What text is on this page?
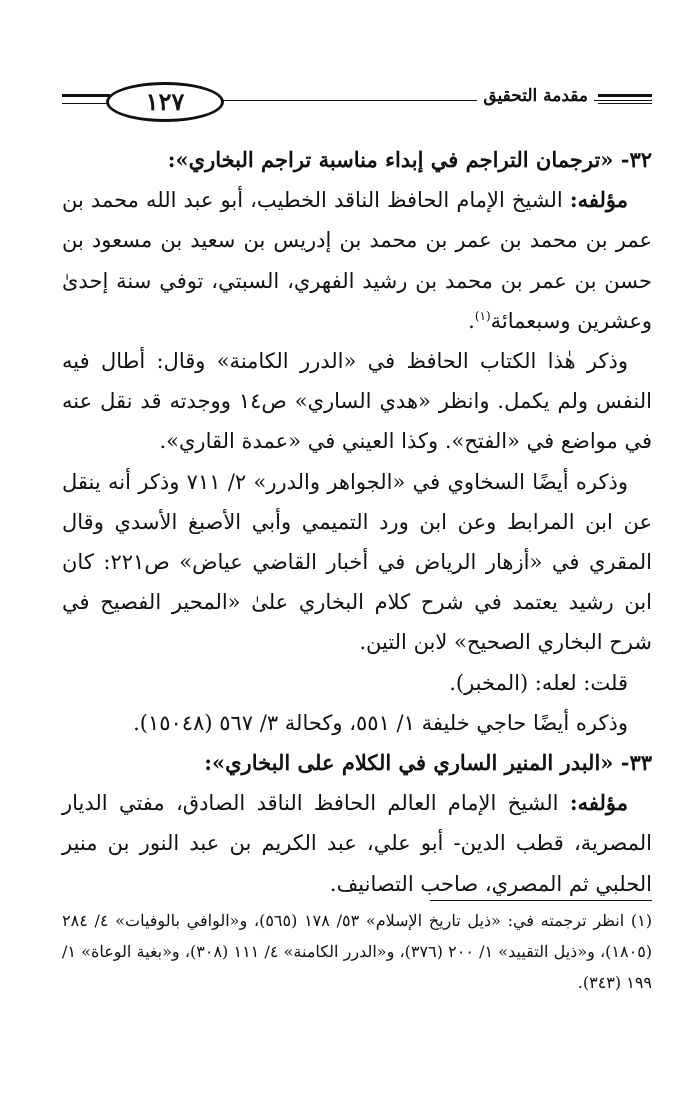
١٢٧	مقدمة التحقيق

٣٢- «ترجمان التراجم في إبداء مناسبة تراجم البخاري»:

مؤلفه: الشيخ الإمام الحافظ الناقد الخطيب، أبو عبد الله محمد بن عمر بن محمد بن عمر بن محمد بن إدريس بن سعيد بن مسعود بن حسن بن عمر بن محمد بن رشيد الفهري، السبتي، توفي سنة إحدىٰ وعشرين وسبعمائة$^{(١)}$.

وذكر هٰذا الكتاب الحافظ في «الدرر الكامنة» وقال: أطال فيه النفس ولم يكمل. وانظر «هدي الساري» ص١٤ ووجدته قد نقل عنه في مواضع في «الفتح». وكذا العيني في «عمدة القاري».

وذكره أيضًا السخاوي في «الجواهر والدرر» ٢/ ٧١١ وذكر أنه ينقل عن ابن المرابط وعن ابن ورد التميمي وأبي الأصبغ الأسدي وقال المقري في «أزهار الرياض في أخبار القاضي عياض» ص٢٢١: كان ابن رشيد يعتمد في شرح كلام البخاري علىٰ «المحير الفصيح في شرح البخاري الصحيح» لابن التين.

قلت: لعله: (المخبر).

وذكره أيضًا حاجي خليفة ١/ ٥٥١، وكحالة ٣/ ٥٦٧ (١٥٠٤٨).

٣٣- «البدر المنير الساري في الكلام على البخاري»:

مؤلفه: الشيخ الإمام العالم الحافظ الناقد الصادق، مفتي الديار المصرية، قطب الدين- أبو علي، عبد الكريم بن عبد النور بن منير الحلبي ثم المصري، صاحب التصانيف.

(١) انظر ترجمته في: «ذيل تاريخ الإسلام» ٥٣/ ١٧٨ (٥٦٥)، و«الوافي بالوفيات» ٤/ ٢٨٤ (١٨٠٥)، و«ذيل التقييد» ١/ ٢٠٠ (٣٧٦)، و«الدرر الكامنة» ٤/ ١١١ (٣٠٨)، و«بغية الوعاة» ١/ ١٩٩ (٣٤٣).
